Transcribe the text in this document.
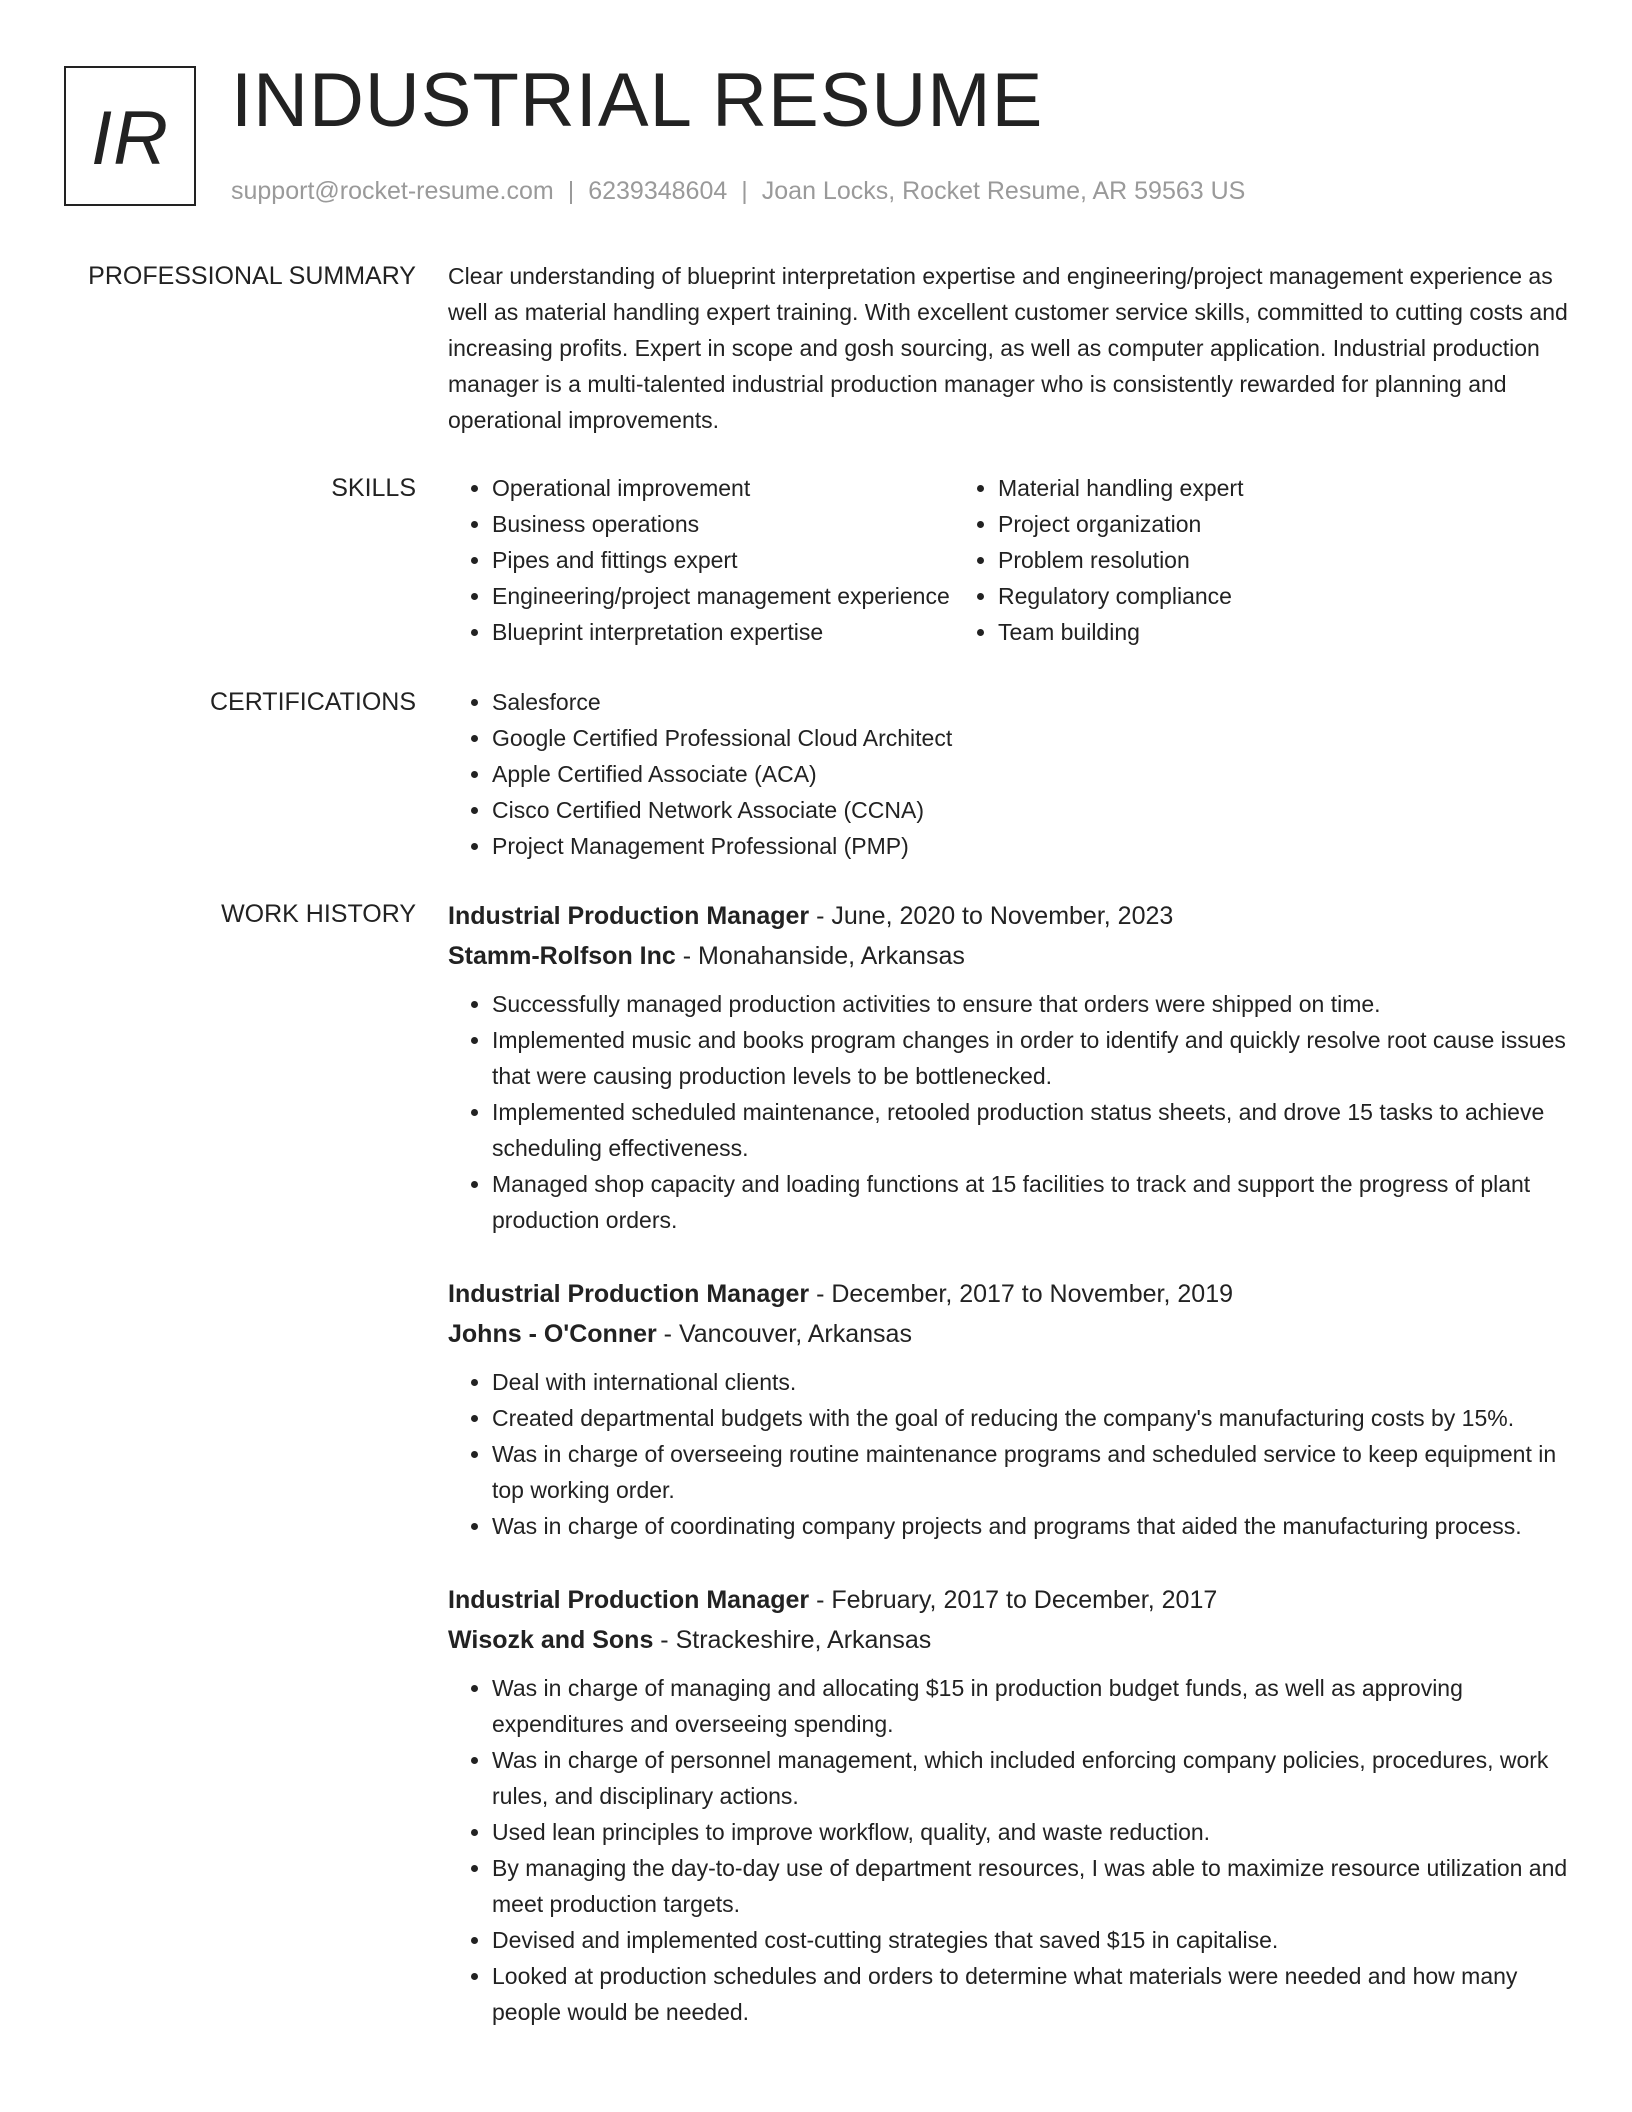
IR INDUSTRIAL RESUME
support@rocket-resume.com | 6239348604 | Joan Locks, Rocket Resume, AR 59563 US
PROFESSIONAL SUMMARY Clear understanding of blueprint interpretation expertise and engineering/project management experience as well as material handling expert training. With excellent customer service skills, committed to cutting costs and increasing profits. Expert in scope and gosh sourcing, as well as computer application. Industrial production manager is a multi-talented industrial production manager who is consistently rewarded for planning and operational improvements.
SKILLS	• Operational improvement
• Business operations
• Pipes and fittings expert
• Engineering/project management experience
• Blueprint interpretation expertise
• Material handling expert
• Project organization
• Problem resolution
• Regulatory compliance
• Team building
CERTIFICATIONS	• Salesforce
• Google Certified Professional Cloud Architect
• Apple Certified Associate (ACA)
• Cisco Certified Network Associate (CCNA)
• Project Management Professional (PMP)
WORK HISTORY Industrial Production Manager - June, 2020 to November, 2023
Stamm-Rolfson Inc - Monahanside, Arkansas
• Successfully managed production activities to ensure that orders were shipped on time.
• Implemented music and books program changes in order to identify and quickly resolve root cause issues that were causing production levels to be bottlenecked.
• Implemented scheduled maintenance, retooled production status sheets, and drove 15 tasks to achieve scheduling effectiveness.
• Managed shop capacity and loading functions at 15 facilities to track and support the progress of plant production orders.
Industrial Production Manager - December, 2017 to November, 2019
Johns - O'Conner - Vancouver, Arkansas
• Deal with international clients.
• Created departmental budgets with the goal of reducing the company's manufacturing costs by 15%.
• Was in charge of overseeing routine maintenance programs and scheduled service to keep equipment in top working order.
• Was in charge of coordinating company projects and programs that aided the manufacturing process.
Industrial Production Manager - February, 2017 to December, 2017
Wisozk and Sons - Strackeshire, Arkansas
• Was in charge of managing and allocating $15 in production budget funds, as well as approving expenditures and overseeing spending.
• Was in charge of personnel management, which included enforcing company policies, procedures, work rules, and disciplinary actions.
• Used lean principles to improve workflow, quality, and waste reduction.
• By managing the day-to-day use of department resources, I was able to maximize resource utilization and meet production targets.
• Devised and implemented cost-cutting strategies that saved $15 in capitalise.
• Looked at production schedules and orders to determine what materials were needed and how many people would be needed.
